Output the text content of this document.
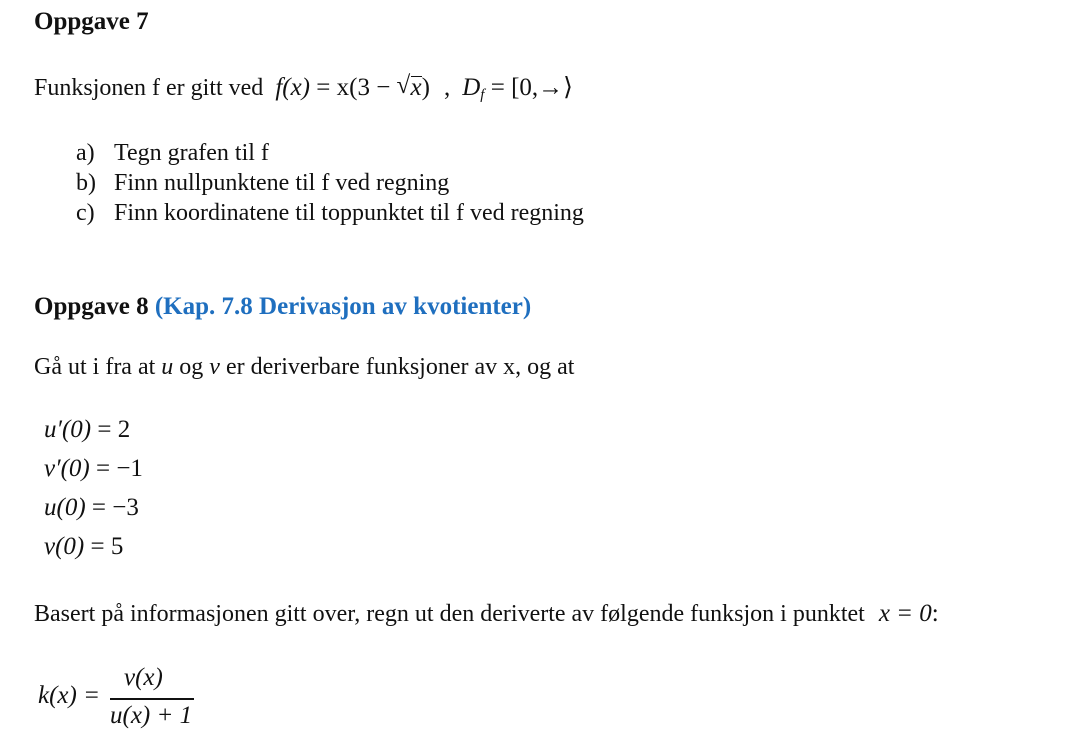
Oppgave 7
Funksjonen f er gitt ved f(x) = x(3 − √ x) , $D_f$ = [0,→⟩
a) Tegn grafen til f
b) Finn nullpunktene til f ved regning
c) Finn koordinatene til toppunktet til f ved regning
Oppgave 8 (Kap. 7.8 Derivasjon av kvotienter)
Gå ut i fra at u og v er deriverbare funksjoner av x, og at
u′(0) = 2
v′(0) = −1
u(0) = −3
v(0) = 5
Basert på informasjonen gitt over, regn ut den deriverte av følgende funksjon i punktet x = 0:
k(x) =
v(x)
u(x) + 1
